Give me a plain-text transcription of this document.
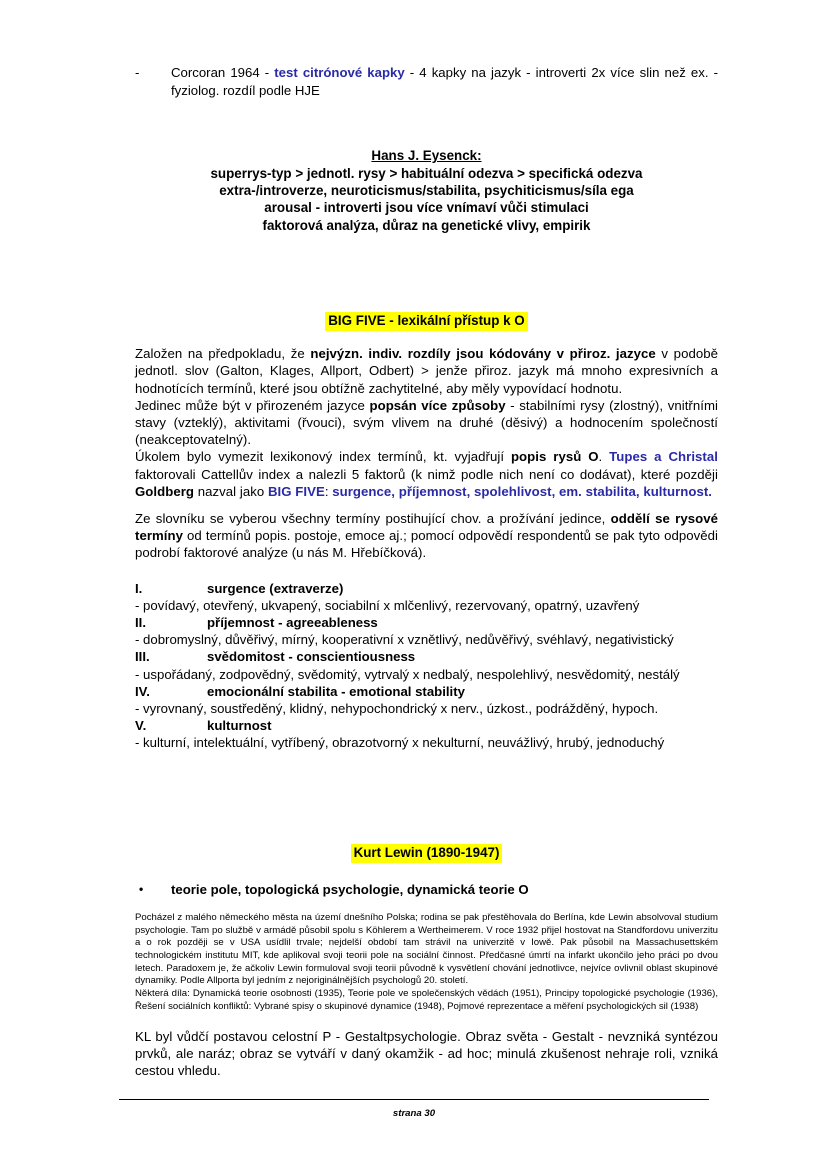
-	Corcoran 1964 - test citrónové kapky - 4 kapky na jazyk - introverti 2x více slin než ex. - fyziolog. rozdíl podle HJE
Hans J. Eysenck:
superrys-typ > jednotl. rysy > habituální odezva > specifická odezva
extra-/introverze, neuroticismus/stabilita, psychiticismus/síla ega
arousal - introverti jsou více vnímaví vůči stimulaci
faktorová analýza, důraz na genetické vlivy, empirik
BIG FIVE - lexikální přístup k O

Založen na předpokladu, že nejvýzn. indiv. rozdíly jsou kódovány v přiroz. jazyce v podobě jednotl. slov (Galton, Klages, Allport, Odbert) > jenže přiroz. jazyk má mnoho expresivních a hodnotících termínů, které jsou obtížně zachytitelné, aby měly vypovídací hodnotu.

Jedinec může být v přirozeném jazyce popsán více způsoby - stabilními rysy (zlostný), vnitřními stavy (vzteklý), aktivitami (řvouci), svým vlivem na druhé (děsivý) a hodnocením společností (neakceptovatelný).

Úkolem bylo vymezit lexikonový index termínů, kt. vyjadřují popis rysů O. Tupes a Christal faktorovali Cattellův index a nalezli 5 faktorů (k nimž podle nich není co dodávat), které později Goldberg nazval jako BIG FIVE: surgence, příjemnost, spolehlivost, em. stabilita, kulturnost.

Ze slovníku se vyberou všechny termíny postihující chov. a prožívání jedince, oddělí se rysové termíny od termínů popis. postoje, emoce aj.; pomocí odpovědí respondentů se pak tyto odpovědi podrobí faktorové analýze (u nás M. Hřebíčková).

I.	surgence (extraverze)
- povídavý, otevřený, ukvapený, sociabilní x mlčenlivý, rezervovaný, opatrný, uzavřený
II.	příjemnost - agreeableness
- dobromyslný, důvěřivý, mírný, kooperativní x vznětlivý, nedůvěřivý, svéhlavý, negativistický
III.	svědomitost - conscientiousness
- uspořádaný, zodpovědný, svědomitý, vytrvalý x nedbalý, nespolehlivý, nesvědomitý, nestálý
IV.	emocionální stabilita - emotional stability
- vyrovnaný, soustředěný, klidný, nehypochondrický x nerv., úzkost., podrážděný, hypoch.
V.	kulturnost
- kulturní, intelektuální, vytříbený, obrazotvorný x nekulturní, neuvážlivý, hrubý, jednoduchý
Kurt Lewin (1890-1947)
•	teorie pole, topologická psychologie, dynamická teorie O

Pocházel z malého německého města na území dnešního Polska; rodina se pak přestěhovala do Berlína, kde Lewin absolvoval studium psychologie. Tam po službě v armádě působil spolu s Köhlerem a Wertheimerem. V roce 1932 přijel hostovat na Standfordovu univerzitu a o rok později se v USA usídlil trvale; nejdelší období tam strávil na univerzitě v Iowě. Pak působil na Massachusettském technologickém institutu MIT, kde aplikoval svoji teorii pole na sociální činnost. Předčasné úmrtí na infarkt ukončilo jeho práci po dvou letech. Paradoxem je, že ačkoliv Lewin formuloval svoji teorii původně k vysvětlení chování jednotlivce, nejvíce ovlivnil oblast skupinové dynamiky. Podle Allporta byl jedním z nejoriginálnějších psychologů 20. století.

Některá díla: Dynamická teorie osobnosti (1935), Teorie pole ve společenských vědách (1951), Principy topologické psychologie (1936), Řešení sociálních konfliktů: Vybrané spisy o skupinové dynamice (1948), Pojmové reprezentace a měření psychologických sil (1938)

KL byl vůdčí postavou celostní P - Gestaltpsychologie. Obraz světa - Gestalt - nevzniká syntézou prvků, ale naráz; obraz se vytváří v daný okamžik - ad hoc; minulá zkušenost nehraje roli, vzniká cestou vhledu.

strana 30
